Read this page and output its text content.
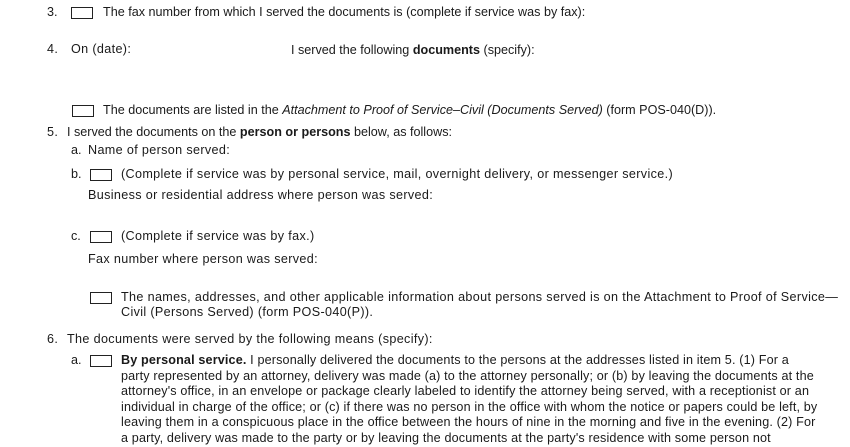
3.	The fax number from which I served the documents is (complete if service was by fax):
4. On (date):	I served the following documents (specify):
The documents are listed in the Attachment to Proof of Service–Civil (Documents Served) (form POS-040(D)).
5. I served the documents on the person or persons below, as follows:
a. Name of person served:
b.	(Complete if service was by personal service, mail, overnight delivery, or messenger service.)
Business or residential address where person was served:
c.	(Complete if service was by fax.)
Fax number where person was served:
The names, addresses, and other applicable information about persons served is on the Attachment to Proof of Service—
Civil (Persons Served) (form POS-040(P)).
6. The documents were served by the following means (specify):
a.	By personal service. I personally delivered the documents to the persons at the addresses listed in item 5. (1) For a

party represented by an attorney, delivery was made (a) to the attorney personally; or (b) by leaving the documents at the

attorney's office, in an envelope or package clearly labeled to identify the attorney being served, with a receptionist or an

individual in charge of the office; or (c) if there was no person in the office with whom the notice or papers could be left, by

leaving them in a conspicuous place in the office between the hours of nine in the morning and five in the evening. (2) For

a party, delivery was made to the party or by leaving the documents at the party's residence with some person not
